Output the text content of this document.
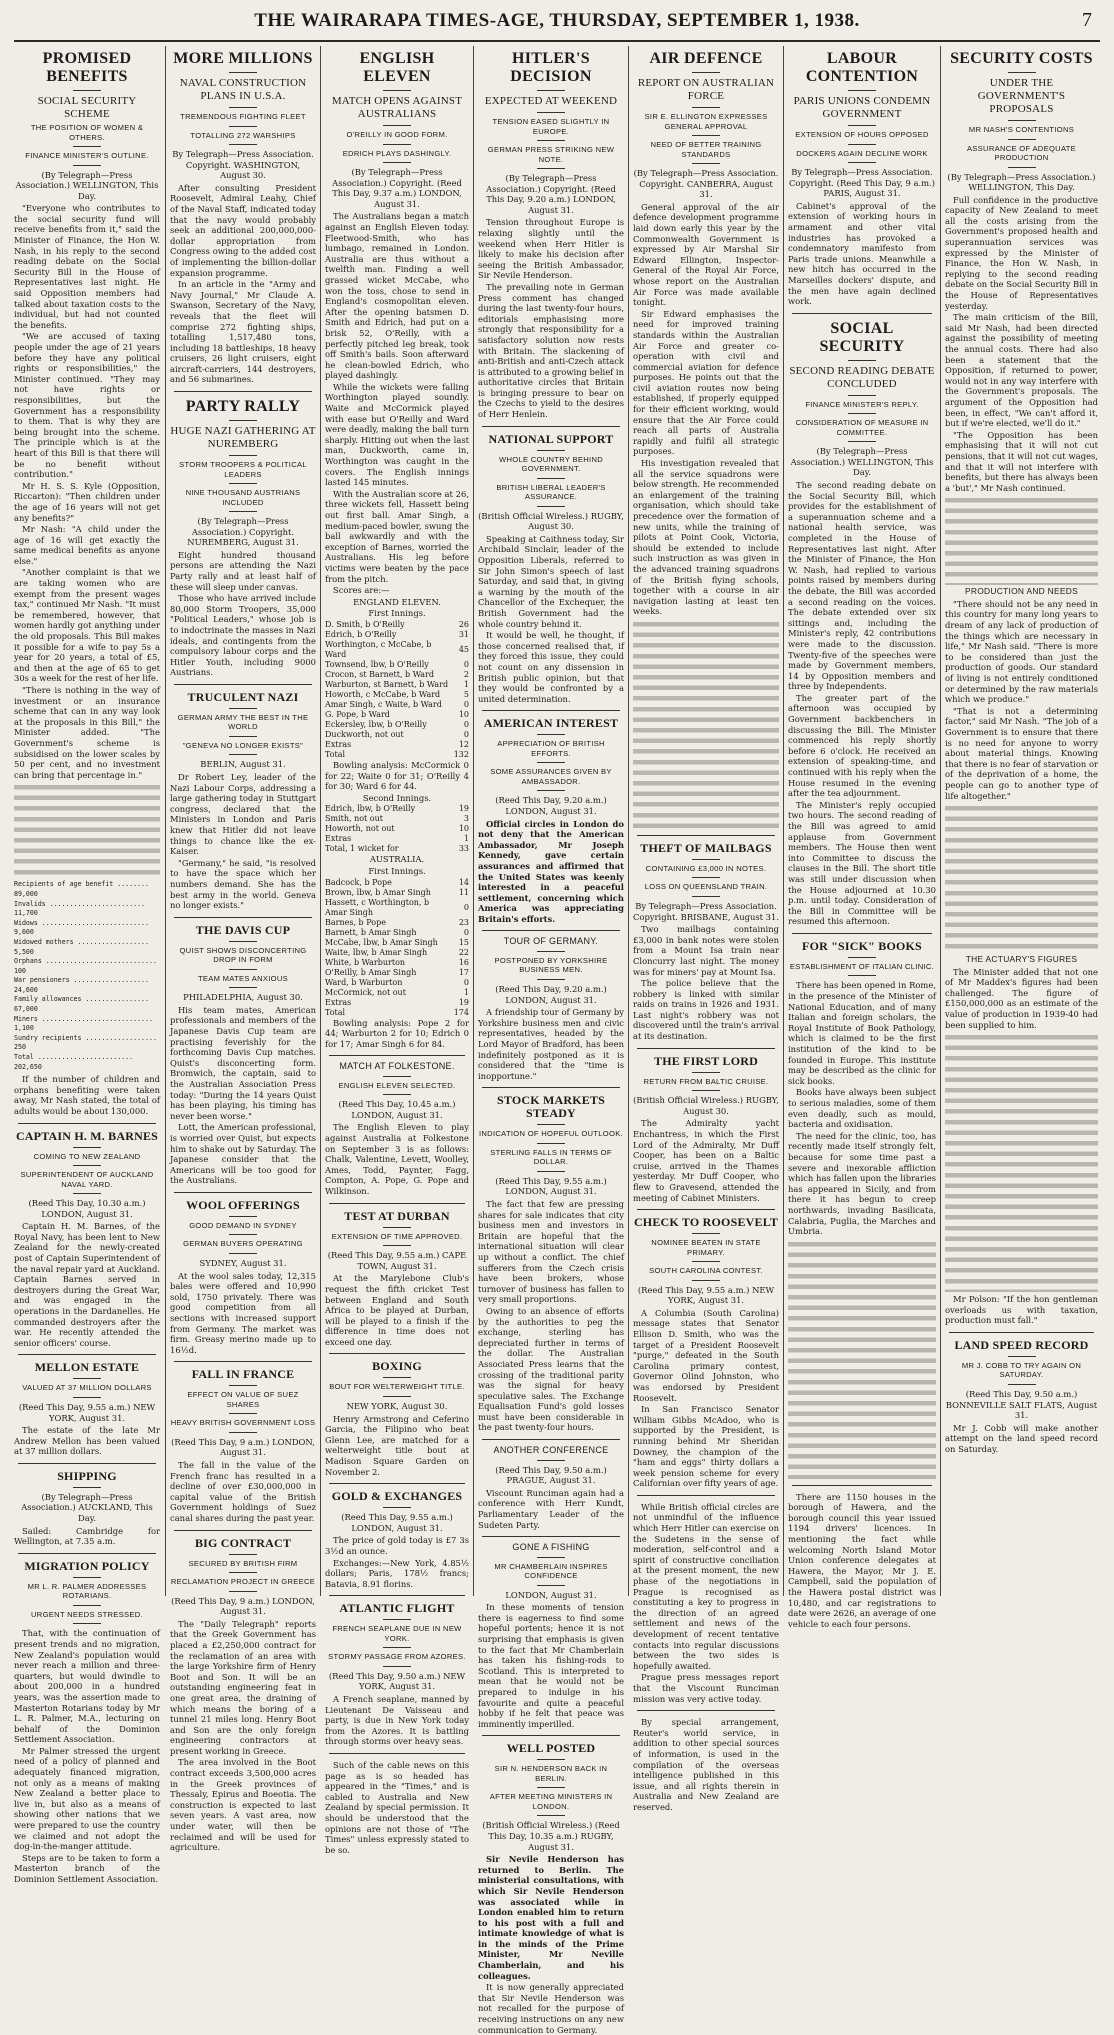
THE WAIRARAPA TIMES-AGE, THURSDAY, SEPTEMBER 1, 1938.	7
PROMISED BENEFITS
SOCIAL SECURITY SCHEME
THE POSITION OF WOMEN & OTHERS.
FINANCE MINISTER'S OUTLINE.

(By Telegraph—Press Association.) WELLINGTON, This Day.

"Everyone who contributes to the social security fund will receive benefits from it," said the Minister of Finance, the Hon W. Nash, in his reply to the second reading debate on the Social Security Bill in the House of Representatives last night. He said Opposition members had talked about taxation costs to the individual, but had not counted the benefits.

"We are accused of taxing people under the age of 21 years before they have any political rights or responsibilities," the Minister continued. "They may not have rights or responsibilities, but the Government has a responsibility to them. That is why they are being brought into the scheme. The principle which is at the heart of this Bill is that there will be no benefit without contribution."

Mr H. S. S. Kyle (Opposition, Riccarton): "Then children under the age of 16 years will not get any benefits?"

Mr Nash: "A child under the age of 16 will get exactly the same medical benefits as anyone else."

"Another complaint is that we are taking women who are exempt from the present wages tax," continued Mr Nash. "It must be remembered, however, that women hardly got anything under the old proposals. This Bill makes it possible for a wife to pay 5s a year for 20 years, a total of £5, and then at the age of 65 to get 30s a week for the rest of her life.

"There is nothing in the way of investment or an insurance scheme that can in any way look at the proposals in this Bill," the Minister added. "The Government's scheme is subsidised on the lower scales by 50 per cent, and no investment can bring that percentage in."

Recipients of age benefit ........ 89,000
Invalids ........................ 11,700
Widows ........................... 9,600
Widowed mothers .................. 5,500
Orphans ............................ 100
War pensioners ................... 24,600
Family allowances ................ 67,000
Miners ............................ 1,100
Sundry recipients .................. 250
Total ........................ 202,650

If the number of children and orphans benefiting were taken away, Mr Nash stated, the total of adults would be about 130,000.

CAPTAIN H. M. BARNES
COMING TO NEW ZEALAND
SUPERINTENDENT OF AUCKLAND NAVAL YARD.

(Reed This Day, 10.30 a.m.) LONDON, August 31.

Captain H. M. Barnes, of the Royal Navy, has been lent to New Zealand for the newly-created post of Captain Superintendent of the naval repair yard at Auckland. Captain Barnes served in destroyers during the Great War, and was engaged in the operations in the Dardanelles. He commanded destroyers after the war. He recently attended the senior officers' course.

MELLON ESTATE
VALUED AT 37 MILLION DOLLARS

(Reed This Day, 9.55 a.m.) NEW YORK, August 31.

The estate of the late Mr Andrew Mellon has been valued at 37 million dollars.

SHIPPING

(By Telegraph—Press Association.) AUCKLAND, This Day.

Sailed: Cambridge for Wellington, at 7.35 a.m.

MIGRATION POLICY
MR L. R. PALMER ADDRESSES ROTARIANS.
URGENT NEEDS STRESSED.

That, with the continuation of present trends and no migration, New Zealand's population would never reach a million and three-quarters, but would dwindle to about 200,000 in a hundred years, was the assertion made to Masterton Rotarians today by Mr L. R. Palmer, M.A., lecturing on behalf of the Dominion Settlement Association.

Mr Palmer stressed the urgent need of a policy of planned and adequately financed migration, not only as a means of making New Zealand a better place to live in, but also as a means of showing other nations that we were prepared to use the country we claimed and not adopt the dog-in-the-manger attitude.

Steps are to be taken to form a Masterton branch of the Dominion Settlement Association.

MORE MILLIONS
NAVAL CONSTRUCTION PLANS IN U.S.A.
TREMENDOUS FIGHTING FLEET
TOTALLING 272 WARSHIPS

By Telegraph—Press Association. Copyright. WASHINGTON, August 30.

After consulting President Roosevelt, Admiral Leahy, Chief of the Naval Staff, indicated today that the navy would probably seek an additional 200,000,000-dollar appropriation from Congress owing to the added cost of implementing the billion-dollar expansion programme.

In an article in the "Army and Navy Journal," Mr Claude A. Swanson, Secretary of the Navy, reveals that the fleet will comprise 272 fighting ships, totalling 1,517,480 tons, including 18 battleships, 18 heavy cruisers, 26 light cruisers, eight aircraft-carriers, 144 destroyers, and 56 submarines.

PARTY RALLY
HUGE NAZI GATHERING AT NUREMBERG
STORM TROOPERS & POLITICAL LEADERS
NINE THOUSAND AUSTRIANS INCLUDED

(By Telegraph—Press Association.) Copyright. NUREMBERG, August 31.

Eight hundred thousand persons are attending the Nazi Party rally and at least half of these will sleep under canvas.

Those who have arrived include 80,000 Storm Troopers, 35,000 "Political Leaders," whose job is to indoctrinate the masses in Nazi ideals, and contingents from the compulsory labour corps and the Hitler Youth, including 9000 Austrians.

TRUCULENT NAZI
GERMAN ARMY THE BEST IN THE WORLD
"GENEVA NO LONGER EXISTS"

BERLIN, August 31.

Dr Robert Ley, leader of the Nazi Labour Corps, addressing a large gathering today in Stuttgart congress, declared that the Ministers in London and Paris knew that Hitler did not leave things to chance like the ex-Kaiser.

"Germany," he said, "is resolved to have the space which her numbers demand. She has the best army in the world. Geneva no longer exists."

THE DAVIS CUP
QUIST SHOWS DISCONCERTING DROP IN FORM
TEAM MATES ANXIOUS

PHILADELPHIA, August 30.

His team mates, American professionals and members of the Japanese Davis Cup team are practising feverishly for the forthcoming Davis Cup matches. Quist's disconcerting form. Bromwich, the captain, said to the Australian Association Press today: "During the 14 years Quist has been playing, his timing has never been worse."

Lott, the American professional, is worried over Quist, but expects him to shake out by Saturday. The Japanese consider that the Americans will be too good for the Australians.

WOOL OFFERINGS
GOOD DEMAND IN SYDNEY
GERMAN BUYERS OPERATING

SYDNEY, August 31.

At the wool sales today, 12,315 bales were offered and 10,990 sold, 1750 privately. There was good competition from all sections with increased support from Germany. The market was firm. Greasy merino made up to 16½d.

FALL IN FRANCE
EFFECT ON VALUE OF SUEZ SHARES
HEAVY BRITISH GOVERNMENT LOSS

(Reed This Day, 9 a.m.) LONDON, August 31.

The fall in the value of the French franc has resulted in a decline of over £30,000,000 in capital value of the British Government holdings of Suez canal shares during the past year.

BIG CONTRACT
SECURED BY BRITISH FIRM
RECLAMATION PROJECT IN GREECE

(Reed This Day, 9 a.m.) LONDON, August 31.

The "Daily Telegraph" reports that the Greek Government has placed a £2,250,000 contract for the reclamation of an area with the large Yorkshire firm of Henry Boot and Son. It will be an outstanding engineering feat in one great area, the draining of which means the boring of a tunnel 21 miles long. Henry Boot and Son are the only foreign engineering contractors at present working in Greece.

The area involved in the Boot contract exceeds 3,500,000 acres in the Greek provinces of Thessaly, Epirus and Boeotia. The construction is expected to last seven years. A vast area, now under water, will then be reclaimed and will be used for agriculture.

ENGLISH ELEVEN
MATCH OPENS AGAINST AUSTRALIANS
O'REILLY IN GOOD FORM.
EDRICH PLAYS DASHINGLY.

(By Telegraph—Press Association.) Copyright. (Reed This Day, 9.37 a.m.) LONDON, August 31.

The Australians began a match against an English Eleven today. Fleetwood-Smith, who has lumbago, remained in London. Australia are thus without a twelfth man. Finding a well grassed wicket McCabe, who won the toss, chose to send in England's cosmopolitan eleven. After the opening batsmen D. Smith and Edrich, had put on a brisk 52, O'Reilly, with a perfectly pitched leg break, took off Smith's bails. Soon afterward he clean-bowled Edrich, who played dashingly.

While the wickets were falling Worthington played soundly. Waite and McCormick played with ease but O'Reilly and Ward were deadly, making the ball turn sharply. Hitting out when the last man, Duckworth, came in, Worthington was caught in the covers. The English innings lasted 145 minutes.

With the Australian score at 26, three wickets fell, Hassett being out first ball. Amar Singh, a medium-paced bowler, swung the ball awkwardly and with the exception of Barnes, worried the Australians. His leg before victims were beaten by the pace from the pitch.

Scores are:—

ENGLAND ELEVEN.

First Innings.

D. Smith, b O'Reilly	26
Edrich, b O'Reilly	31
Worthington, c McCabe, b Ward	45
Townsend, lbw, b O'Reilly	0
Crocon, st Barnett, b Ward	2
Warburton, st Barnett, b Ward	1
Howorth, c McCabe, b Ward	5
Amar Singh, c Waite, b Ward	0
G. Pope, b Ward	10
Eckersley, lbw, b O'Reilly	0
Duckworth, not out	0
Extras	12
Total	132

Bowling analysis: McCormick 0 for 22; Waite 0 for 31; O'Reilly 4 for 30; Ward 6 for 44.

Second Innings.

Edrich, lbw, b O'Reilly	19
Smith, not out	3
Howorth, not out	10
Extras	1
Total, 1 wicket for	33

AUSTRALIA.

First Innings.

Badcock, b Pope	14
Brown, lbw, b Amar Singh	11
Hassett, c Worthington, b Amar Singh	0
Barnes, b Pope	23
Barnett, b Amar Singh	0
McCabe, lbw, b Amar Singh	15
Waite, lbw, b Amar Singh	22
White, b Warburton	16
O'Reilly, b Amar Singh	17
Ward, b Warburton	0
McCormick, not out	1
Extras	19
Total	174

Bowling analysis: Pope 2 for 44; Warburton 2 for 10; Edrich 0 for 17; Amar Singh 6 for 84.

MATCH AT FOLKESTONE.
ENGLISH ELEVEN SELECTED.

(Reed This Day, 10.45 a.m.) LONDON, August 31.

The English Eleven to play against Australia at Folkestone on September 3 is as follows: Chalk, Valentine, Levett, Woolley, Ames, Todd, Paynter, Fagg, Compton, A. Pope, G. Pope and Wilkinson.

TEST AT DURBAN
EXTENSION OF TIME APPROVED.

(Reed This Day, 9.55 a.m.) CAPE TOWN, August 31.

At the Marylebone Club's request the fifth cricket Test between England and South Africa to be played at Durban, will be played to a finish if the difference in time does not exceed one day.

BOXING
BOUT FOR WELTERWEIGHT TITLE.

NEW YORK, August 30.

Henry Armstrong and Ceferino Garcia, the Filipino who beat Glenn Lee, are matched for a welterweight title bout at Madison Square Garden on November 2.

GOLD & EXCHANGES

(Reed This Day, 9.55 a.m.) LONDON, August 31.

The price of gold today is £7 3s 3½d an ounce.

Exchanges:—New York, 4.85½ dollars; Paris, 178½ francs; Batavia, 8.91 florins.

ATLANTIC FLIGHT
FRENCH SEAPLANE DUE IN NEW YORK.
STORMY PASSAGE FROM AZORES.

(Reed This Day, 9.50 a.m.) NEW YORK, August 31.

A French seaplane, manned by Lieutenant De Vaisseau and party, is due in New York today from the Azores. It is battling through storms over heavy seas.

Such of the cable news on this page as is so headed has appeared in the "Times," and is cabled to Australia and New Zealand by special permission. It should be understood that the opinions are not those of "The Times" unless expressly stated to be so.

HITLER'S DECISION
EXPECTED AT WEEKEND
TENSION EASED SLIGHTLY IN EUROPE.
GERMAN PRESS STRIKING NEW NOTE.

(By Telegraph—Press Association.) Copyright. (Reed This Day, 9.20 a.m.) LONDON, August 31.

Tension throughout Europe is relaxing slightly until the weekend when Herr Hitler is likely to make his decision after seeing the British Ambassador, Sir Nevile Henderson.

The prevailing note in German Press comment has changed during the last twenty-four hours, editorials emphasising more strongly that responsibility for a satisfactory solution now rests with Britain. The slackening of anti-British and anti-Czech attack is attributed to a growing belief in authoritative circles that Britain is bringing pressure to bear on the Czechs to yield to the desires of Herr Henlein.

NATIONAL SUPPORT
WHOLE COUNTRY BEHIND GOVERNMENT.
BRITISH LIBERAL LEADER'S ASSURANCE.

(British Official Wireless.) RUGBY, August 30.

Speaking at Caithness today, Sir Archibald Sinclair, leader of the Opposition Liberals, referred to Sir John Simon's speech of last Saturday, and said that, in giving a warning by the mouth of the Chancellor of the Exchequer, the British Government had the whole country behind it.

It would be well, he thought, if those concerned realised that, if they forced this issue, they could not count on any dissension in British public opinion, but that they would be confronted by a united determination.

AMERICAN INTEREST
APPRECIATION OF BRITISH EFFORTS.
SOME ASSURANCES GIVEN BY AMBASSADOR.

(Reed This Day, 9.20 a.m.) LONDON, August 31.

Official circles in London do not deny that the American Ambassador, Mr Joseph Kennedy, gave certain assurances and affirmed that the United States was keenly interested in a peaceful settlement, concerning which America was appreciating Britain's efforts.

TOUR OF GERMANY.
POSTPONED BY YORKSHIRE BUSINESS MEN.

(Reed This Day, 9.20 a.m.) LONDON, August 31.

A friendship tour of Germany by Yorkshire business men and civic representatives, headed by the Lord Mayor of Bradford, has been indefinitely postponed as it is considered that the "time is inopportune."

STOCK MARKETS STEADY
INDICATION OF HOPEFUL OUTLOOK.
STERLING FALLS IN TERMS OF DOLLAR.

(Reed This Day, 9.55 a.m.) LONDON, August 31.

The fact that few are pressing shares for sale indicates that city business men and investors in Britain are hopeful that the international situation will clear up without a conflict. The chief sufferers from the Czech crisis have been brokers, whose turnover of business has fallen to very small proportions.

Owing to an absence of efforts by the authorities to peg the exchange, sterling has depreciated further in terms of the dollar. The Australian Associated Press learns that the crossing of the traditional parity was the signal for heavy speculative sales. The Exchange Equalisation Fund's gold losses must have been considerable in the past twenty-four hours.

ANOTHER CONFERENCE

(Reed This Day, 9.50 a.m.) PRAGUE, August 31.

Viscount Runciman again had a conference with Herr Kundt, Parliamentary Leader of the Sudeten Party.

GONE A FISHING
MR CHAMBERLAIN INSPIRES CONFIDENCE

LONDON, August 31.

In these moments of tension there is eagerness to find some hopeful portents; hence it is not surprising that emphasis is given to the fact that Mr Chamberlain has taken his fishing-rods to Scotland. This is interpreted to mean that he would not be prepared to indulge in his favourite and quite a peaceful hobby if he felt that peace was imminently imperilled.

WELL POSTED
SIR N. HENDERSON BACK IN BERLIN.
AFTER MEETING MINISTERS IN LONDON.

(British Official Wireless.) (Reed This Day, 10.35 a.m.) RUGBY, August 31.

Sir Nevile Henderson has returned to Berlin. The ministerial consultations, with which Sir Nevile Henderson was associated while in London enabled him to return to his post with a full and intimate knowledge of what is in the minds of the Prime Minister, Mr Neville Chamberlain, and his colleagues.

It is now generally appreciated that Sir Nevile Henderson was not recalled for the purpose of receiving instructions on any new communication to Germany.

AIR DEFENCE
REPORT ON AUSTRALIAN FORCE
SIR E. ELLINGTON EXPRESSES GENERAL APPROVAL
NEED OF BETTER TRAINING STANDARDS

(By Telegraph—Press Association. Copyright. CANBERRA, August 31.

General approval of the air defence development programme laid down early this year by the Commonwealth Government is expressed by Air Marshal Sir Edward Ellington, Inspector-General of the Royal Air Force, whose report on the Australian Air Force was made available tonight.

Sir Edward emphasises the need for improved training standards within the Australian Air Force and greater co-operation with civil and commercial aviation for defence purposes. He points out that the civil aviation routes now being established, if properly equipped for their efficient working, would ensure that the Air Force could reach all parts of Australia rapidly and fulfil all strategic purposes.

His investigation revealed that all the service squadrons were below strength. He recommended an enlargement of the training organisation, which should take precedence over the formation of new units, while the training of pilots at Point Cook, Victoria, should be extended to include such instruction as was given in the advanced training squadrons of the British flying schools, together with a course in air navigation lasting at least ten weeks.

THEFT OF MAILBAGS
CONTAINING £3,000 IN NOTES.
LOSS ON QUEENSLAND TRAIN.

By Telegraph—Press Association. Copyright. BRISBANE, August 31.

Two mailbags containing £3,000 in bank notes were stolen from a Mount Isa train near Cloncurry last night. The money was for miners' pay at Mount Isa.

The police believe that the robbery is linked with similar raids on trains in 1926 and 1931. Last night's robbery was not discovered until the train's arrival at its destination.

THE FIRST LORD
RETURN FROM BALTIC CRUISE.

(British Official Wireless.) RUGBY, August 30.

The Admiralty yacht Enchantress, in which the First Lord of the Admiralty, Mr Duff Cooper, has been on a Baltic cruise, arrived in the Thames yesterday. Mr Duff Cooper, who flew to Gravesend, attended the meeting of Cabinet Ministers.

CHECK TO ROOSEVELT
NOMINEE BEATEN IN STATE PRIMARY.
SOUTH CAROLINA CONTEST.

(Reed This Day, 9.55 a.m.) NEW YORK, August 31.

A Columbia (South Carolina) message states that Senator Ellison D. Smith, who was the target of a President Roosevelt "purge," defeated in the South Carolina primary contest, Governor Olind Johnston, who was endorsed by President Roosevelt.

In San Francisco Senator William Gibbs McAdoo, who is supported by the President, is running behind Mr Sheridan Downey, the champion of the "ham and eggs" thirty dollars a week pension scheme for every Californian over fifty years of age.

While British official circles are not unmindful of the influence which Herr Hitler can exercise on the Sudetens in the sense of moderation, self-control and a spirit of constructive conciliation at the present moment, the new phase of the negotiations in Prague is recognised as constituting a key to progress in the direction of an agreed settlement and news of the development of recent tentative contacts into regular discussions between the two sides is hopefully awaited.

Prague press messages report that the Viscount Runciman mission was very active today.

By special arrangement, Reuter's world service, in addition to other special sources of information, is used in the compilation of the overseas intelligence published in this issue, and all rights therein in Australia and New Zealand are reserved.

LABOUR CONTENTION
PARIS UNIONS CONDEMN GOVERNMENT
EXTENSION OF HOURS OPPOSED
DOCKERS AGAIN DECLINE WORK

By Telegraph—Press Association. Copyright. (Reed This Day, 9 a.m.) PARIS, August 31.

Cabinet's approval of the extension of working hours in armament and other vital industries has provoked a condemnatory manifesto from Paris trade unions. Meanwhile a new hitch has occurred in the Marseilles dockers' dispute, and the men have again declined work.

SOCIAL SECURITY
SECOND READING DEBATE CONCLUDED
FINANCE MINISTER'S REPLY.
CONSIDERATION OF MEASURE IN COMMITTEE.

(By Telegraph—Press Association.) WELLINGTON, This Day.

The second reading debate on the Social Security Bill, which provides for the establishment of a superannuation scheme and a national health service, was completed in the House of Representatives last night. After the Minister of Finance, the Hon W. Nash, had replied to various points raised by members during the debate, the Bill was accorded a second reading on the voices. The debate extended over six sittings and, including the Minister's reply, 42 contributions were made to the discussion. Twenty-five of the speeches were made by Government members, 14 by Opposition members and three by Independents.

The greater part of the afternoon was occupied by Government backbenchers in discussing the Bill. The Minister commenced his reply shortly before 6 o'clock. He received an extension of speaking-time, and continued with his reply when the House resumed in the evening after the tea adjournment.

The Minister's reply occupied two hours. The second reading of the Bill was agreed to amid applause from Government members. The House then went into Committee to discuss the clauses in the Bill. The short title was still under discussion when the House adjourned at 10.30 p.m. until today. Consideration of the Bill in Committee will be resumed this afternoon.

FOR "SICK" BOOKS
ESTABLISHMENT OF ITALIAN CLINIC.

There has been opened in Rome, in the presence of the Minister of National Education, and of many Italian and foreign scholars, the Royal Institute of Book Pathology, which is claimed to be the first institution of the kind to be founded in Europe. This institute may be described as the clinic for sick books.

Books have always been subject to serious maladies, some of them even deadly, such as mould, bacteria and oxidisation.

The need for the clinic, too, has recently made itself strongly felt, because for some time past a severe and inexorable affliction which has fallen upon the libraries has appeared in Sicily, and from there it has begun to creep northwards, invading Basilicata, Calabria, Puglia, the Marches and Umbria.

There are 1150 houses in the borough of Hawera, and the borough council this year issued 1194 drivers' licences. In mentioning the fact while welcoming North Island Motor Union conference delegates at Hawera, the Mayor, Mr J. E. Campbell, said the population of the Hawera postal district was 10,480, and car registrations to date were 2626, an average of one vehicle to each four persons.

SECURITY COSTS
UNDER THE GOVERNMENT'S PROPOSALS
MR NASH'S CONTENTIONS
ASSURANCE OF ADEQUATE PRODUCTION

(By Telegraph—Press Association.) WELLINGTON, This Day.

Full confidence in the productive capacity of New Zealand to meet all the costs arising from the Government's proposed health and superannuation services was expressed by the Minister of Finance, the Hon W. Nash, in replying to the second reading debate on the Social Security Bill in the House of Representatives yesterday.

The main criticism of the Bill, said Mr Nash, had been directed against the possibility of meeting the annual costs. There had also been a statement that the Opposition, if returned to power, would not in any way interfere with the Government's proposals. The argument of the Opposition had been, in effect, "We can't afford it, but if we're elected, we'll do it."

"The Opposition has been emphasising that it will not cut pensions, that it will not cut wages, and that it will not interfere with benefits, but there has always been a 'but'," Mr Nash continued.

PRODUCTION AND NEEDS

"There should not be any need in this country for many long years to dream of any lack of production of the things which are necessary in life," Mr Nash said. "There is more to be considered than just the production of goods. Our standard of living is not entirely conditioned or determined by the raw materials which we produce."

"That is not a determining factor," said Mr Nash. "The job of a Government is to ensure that there is no need for anyone to worry about material things. Knowing that there is no fear of starvation or of the deprivation of a home, the people can go to another type of life altogether."

THE ACTUARY'S FIGURES

The Minister added that not one of Mr Maddex's figures had been challenged. The figure of £150,000,000 as an estimate of the value of production in 1939-40 had been supplied to him.

Mr Polson: "If the hon gentleman overloads us with taxation, production must fall."

LAND SPEED RECORD
MR J. COBB TO TRY AGAIN ON SATURDAY.

(Reed This Day, 9.50 a.m.) BONNEVILLE SALT FLATS, August 31.

Mr J. Cobb will make another attempt on the land speed record on Saturday.
